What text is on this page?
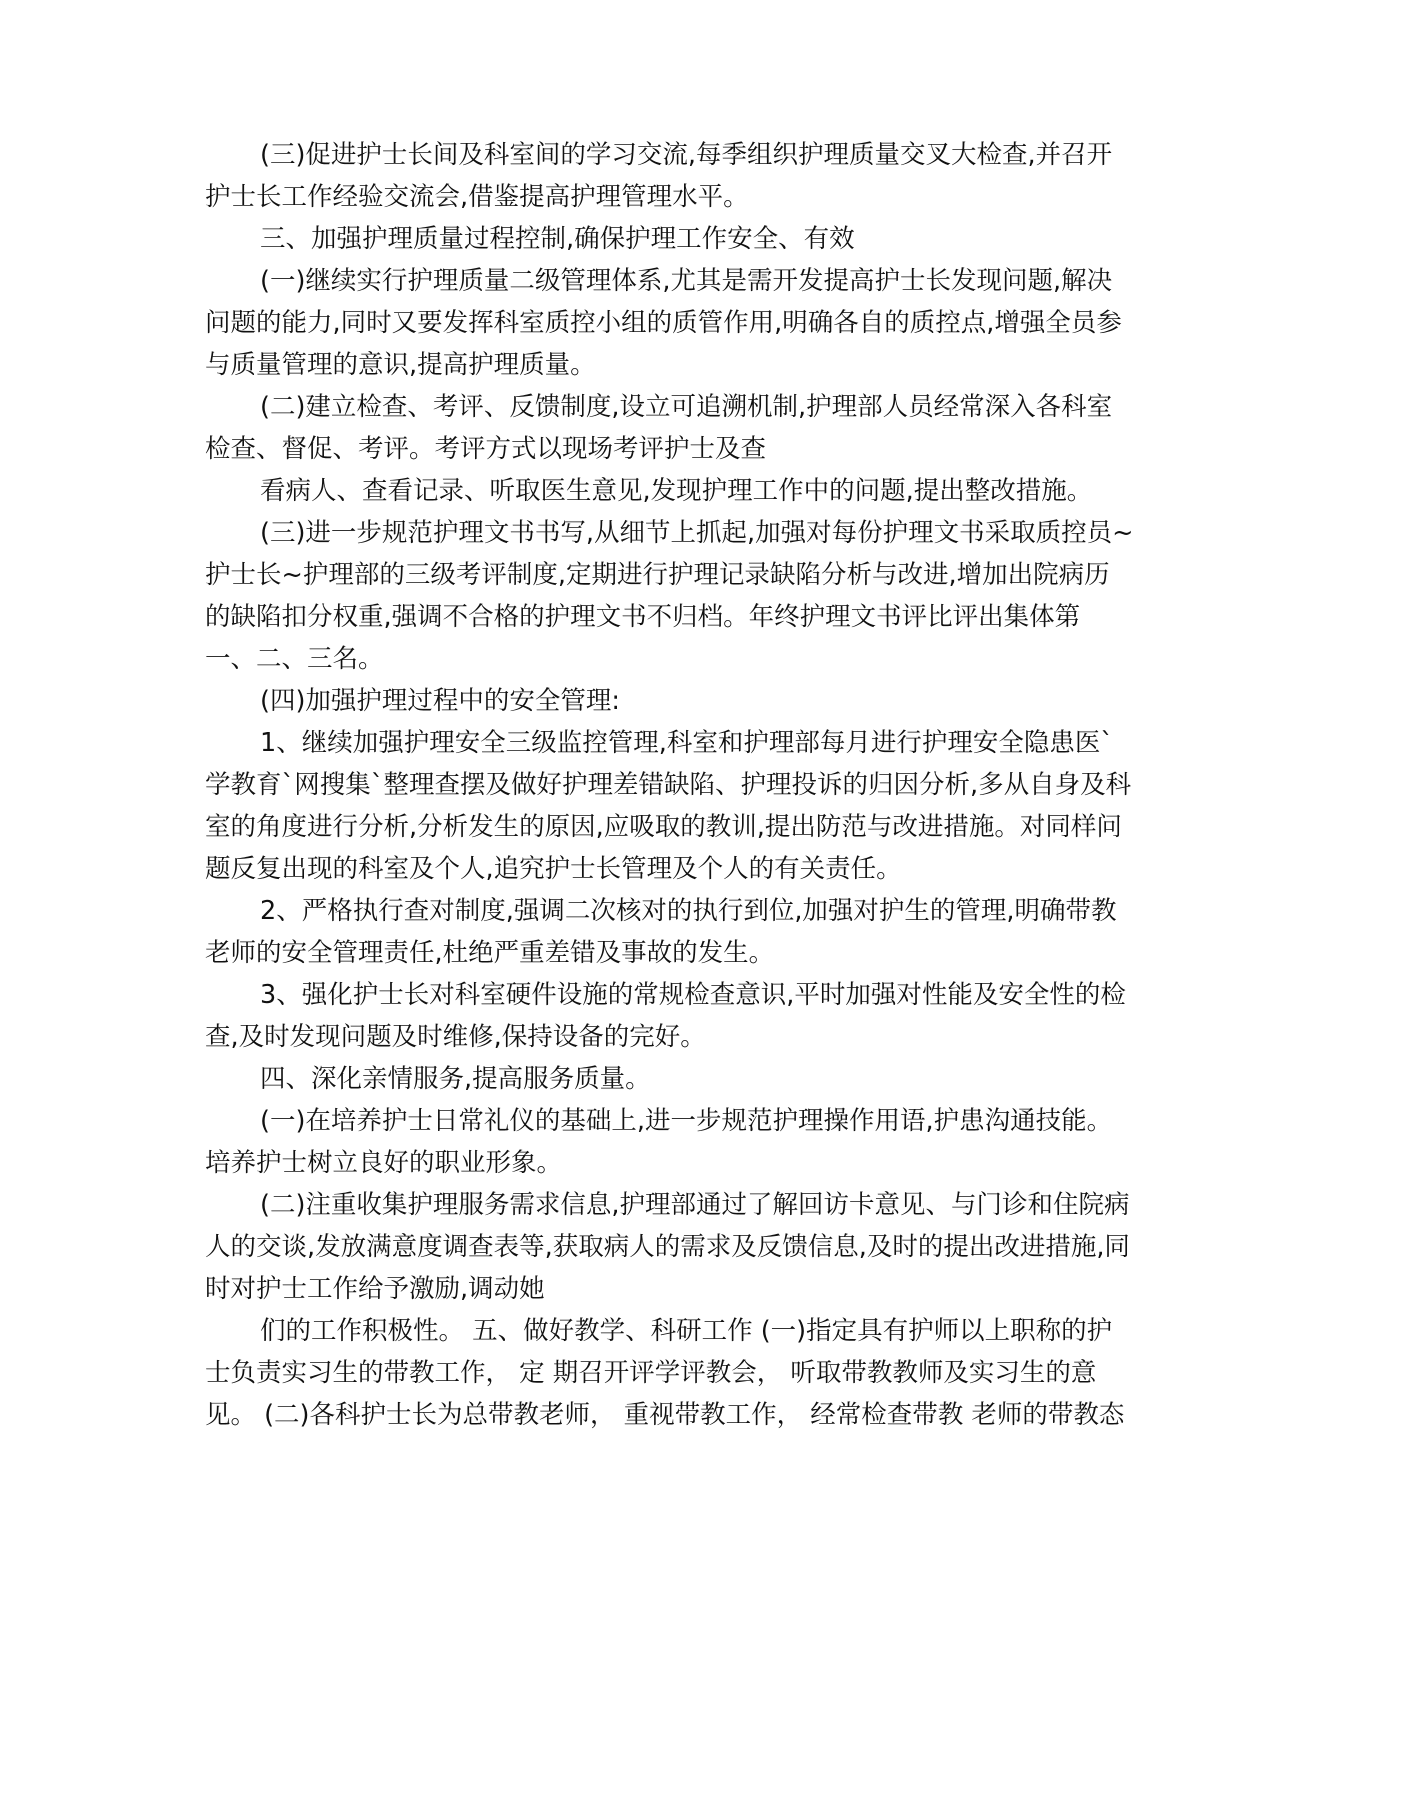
(三)促进护士长间及科室间的学习交流,每季组织护理质量交叉大检查,并召开
护士长工作经验交流会,借鉴提高护理管理水平。
三、加强护理质量过程控制,确保护理工作安全、有效
(一)继续实行护理质量二级管理体系,尤其是需开发提高护士长发现问题,解决
问题的能力,同时又要发挥科室质控小组的质管作用,明确各自的质控点,增强全员参
与质量管理的意识,提高护理质量。
(二)建立检查、考评、反馈制度,设立可追溯机制,护理部人员经常深入各科室
检查、督促、考评。考评方式以现场考评护士及查
看病人、查看记录、听取医生意见,发现护理工作中的问题,提出整改措施。
(三)进一步规范护理文书书写,从细节上抓起,加强对每份护理文书采取质控员~
护士长~护理部的三级考评制度,定期进行护理记录缺陷分析与改进,增加出院病历
的缺陷扣分权重,强调不合格的护理文书不归档。年终护理文书评比评出集体第
一、二、三名。
(四)加强护理过程中的安全管理:
1、继续加强护理安全三级监控管理,科室和护理部每月进行护理安全隐患医`
学教育`网搜集`整理查摆及做好护理差错缺陷、护理投诉的归因分析,多从自身及科
室的角度进行分析,分析发生的原因,应吸取的教训,提出防范与改进措施。对同样问
题反复出现的科室及个人,追究护士长管理及个人的有关责任。
2、严格执行查对制度,强调二次核对的执行到位,加强对护生的管理,明确带教
老师的安全管理责任,杜绝严重差错及事故的发生。
3、强化护士长对科室硬件设施的常规检查意识,平时加强对性能及安全性的检
查,及时发现问题及时维修,保持设备的完好。
四、深化亲情服务,提高服务质量。
(一)在培养护士日常礼仪的基础上,进一步规范护理操作用语,护患沟通技能。
培养护士树立良好的职业形象。
(二)注重收集护理服务需求信息,护理部通过了解回访卡意见、与门诊和住院病
人的交谈,发放满意度调查表等,获取病人的需求及反馈信息,及时的提出改进措施,同
时对护士工作给予激励,调动她
们的工作积极性。 五、做好教学、科研工作 (一)指定具有护师以上职称的护
士负责实习生的带教工作， 定 期召开评学评教会， 听取带教教师及实习生的意
见。 (二)各科护士长为总带教老师， 重视带教工作， 经常检查带教 老师的带教态
